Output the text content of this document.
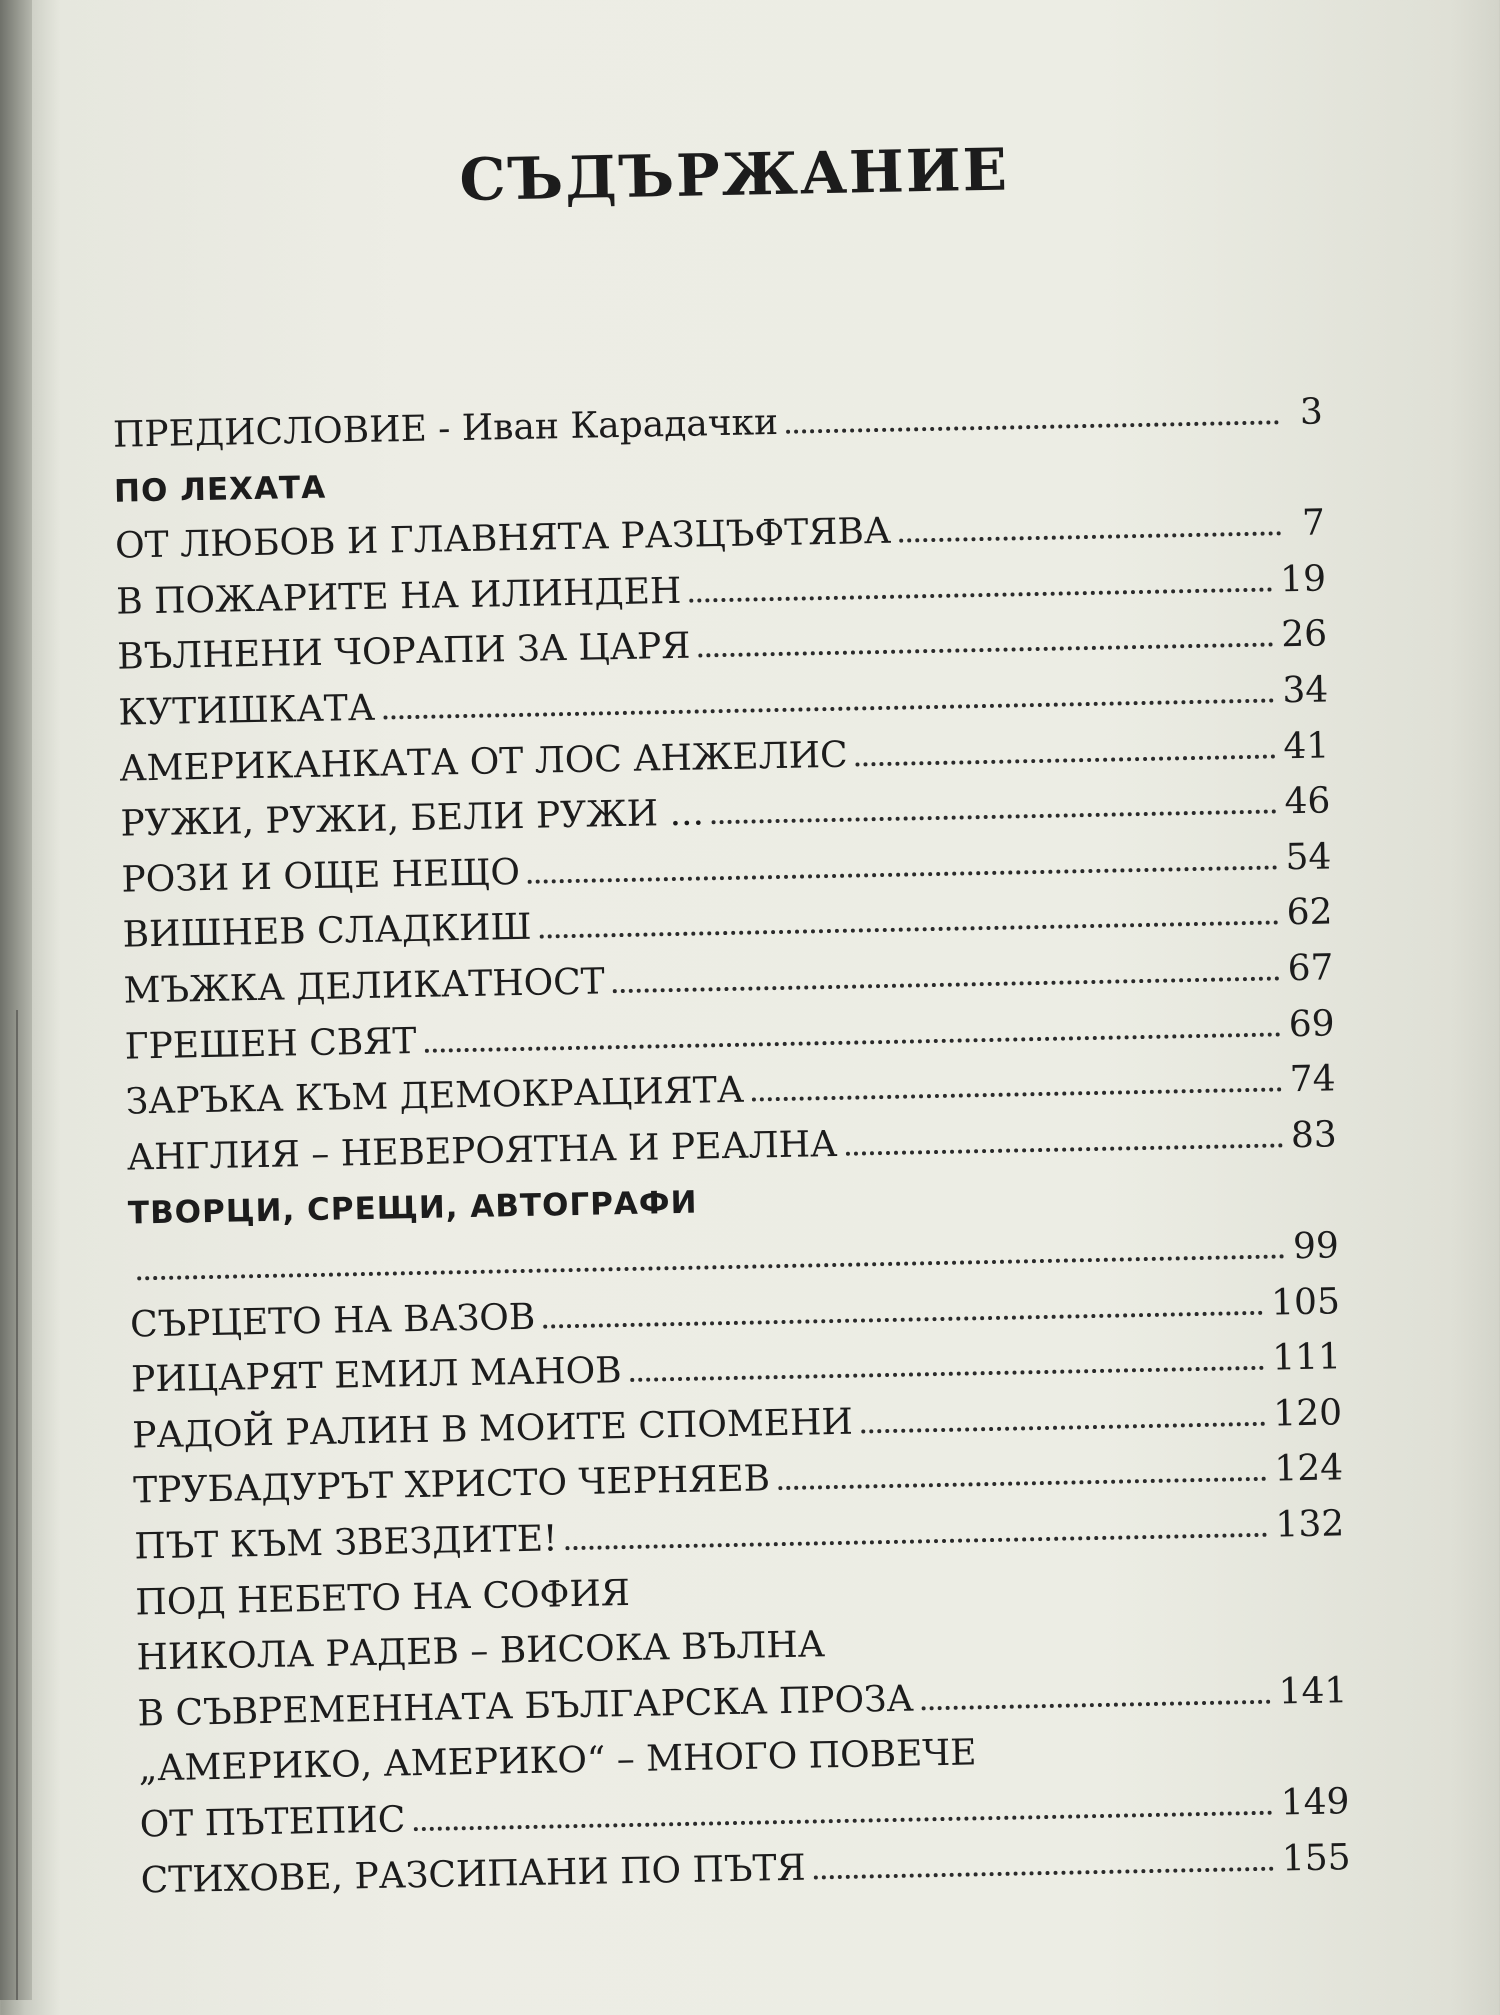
СЪДЪРЖАНИЕ
ПРЕДИСЛОВИЕ - Иван Карадачки	3
ПО ЛЕХАТА
ОТ ЛЮБОВ И ГЛАВНЯТА РАЗЦЪФТЯВА	7
В ПОЖАРИТЕ НА ИЛИНДЕН	19
ВЪЛНЕНИ ЧОРАПИ ЗА ЦАРЯ	26
КУТИШКАТА	34
АМЕРИКАНКАТА ОТ ЛОС АНЖЕЛИС	41
РУЖИ, РУЖИ, БЕЛИ РУЖИ ...	46
РОЗИ И ОЩЕ НЕЩО	54
ВИШНЕВ СЛАДКИШ	62
МЪЖКА ДЕЛИКАТНОСТ	67
ГРЕШЕН СВЯТ	69
ЗАРЪКА КЪМ ДЕМОКРАЦИЯТА	74
АНГЛИЯ – НЕВЕРОЯТНА И РЕАЛНА	83
ТВОРЦИ, СРЕЩИ, АВТОГРАФИ
99
СЪРЦЕТО НА ВАЗОВ	105
РИЦАРЯТ ЕМИЛ МАНОВ	111
РАДОЙ РАЛИН В МОИТЕ СПОМЕНИ	120
ТРУБАДУРЪТ ХРИСТО ЧЕРНЯЕВ	124
ПЪТ КЪМ ЗВЕЗДИТЕ!	132
ПОД НЕБЕТО НА СОФИЯ
НИКОЛА РАДЕВ – ВИСОКА ВЪЛНА
В СЪВРЕМЕННАТА БЪЛГАРСКА ПРОЗА	141
„АМЕРИКО, АМЕРИКО“ – МНОГО ПОВЕЧЕ
ОТ ПЪТЕПИС	149
СТИХОВЕ, РАЗСИПАНИ ПО ПЪТЯ	155
